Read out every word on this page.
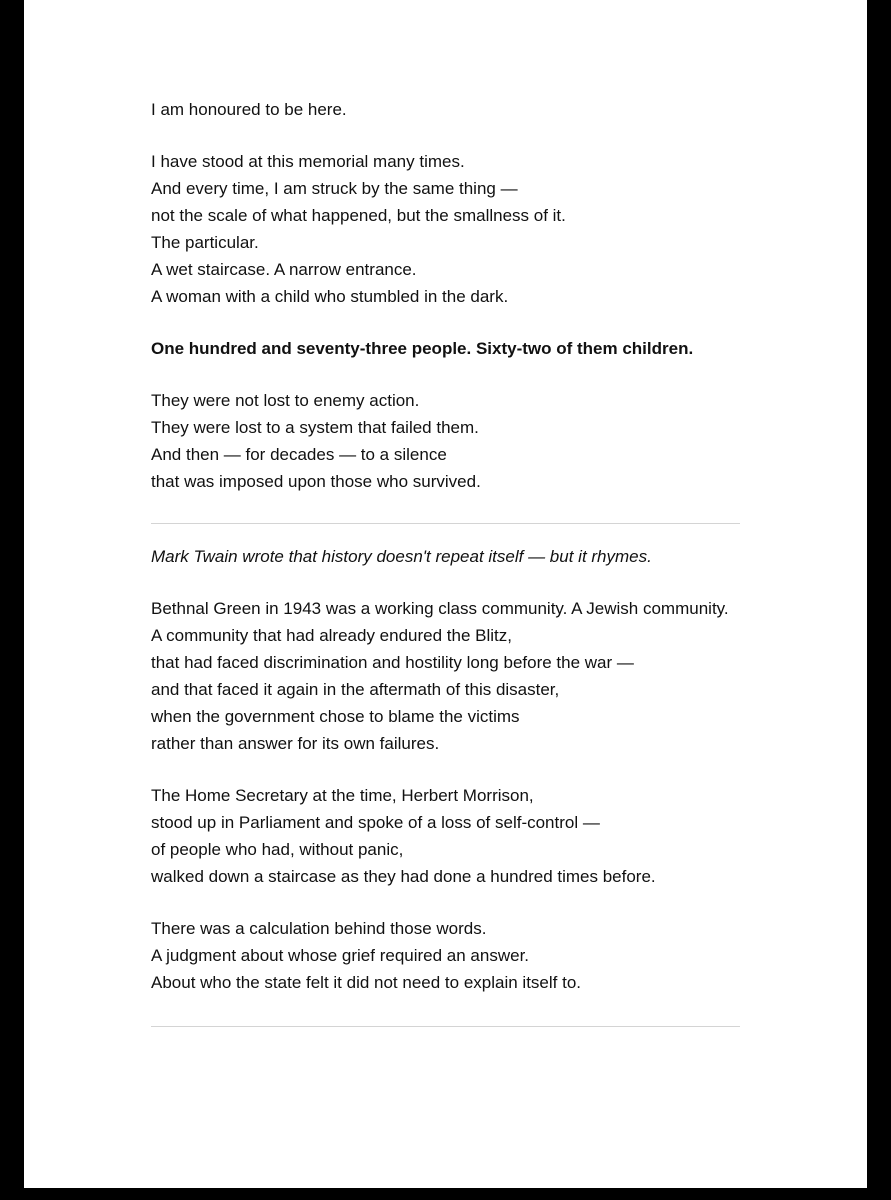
I am honoured to be here.

I have stood at this memorial many times.
And every time, I am struck by the same thing —
not the scale of what happened, but the smallness of it.
The particular.
A wet staircase. A narrow entrance.
A woman with a child who stumbled in the dark.

One hundred and seventy-three people. Sixty-two of them children.

They were not lost to enemy action.
They were lost to a system that failed them.
And then — for decades — to a silence
that was imposed upon those who survived.

Mark Twain wrote that history doesn't repeat itself — but it rhymes.

Bethnal Green in 1943 was a working class community. A Jewish community.
A community that had already endured the Blitz,
that had faced discrimination and hostility long before the war —
and that faced it again in the aftermath of this disaster,
when the government chose to blame the victims
rather than answer for its own failures.

The Home Secretary at the time, Herbert Morrison,
stood up in Parliament and spoke of a loss of self-control —
of people who had, without panic,
walked down a staircase as they had done a hundred times before.

There was a calculation behind those words.
A judgment about whose grief required an answer.
About who the state felt it did not need to explain itself to.
